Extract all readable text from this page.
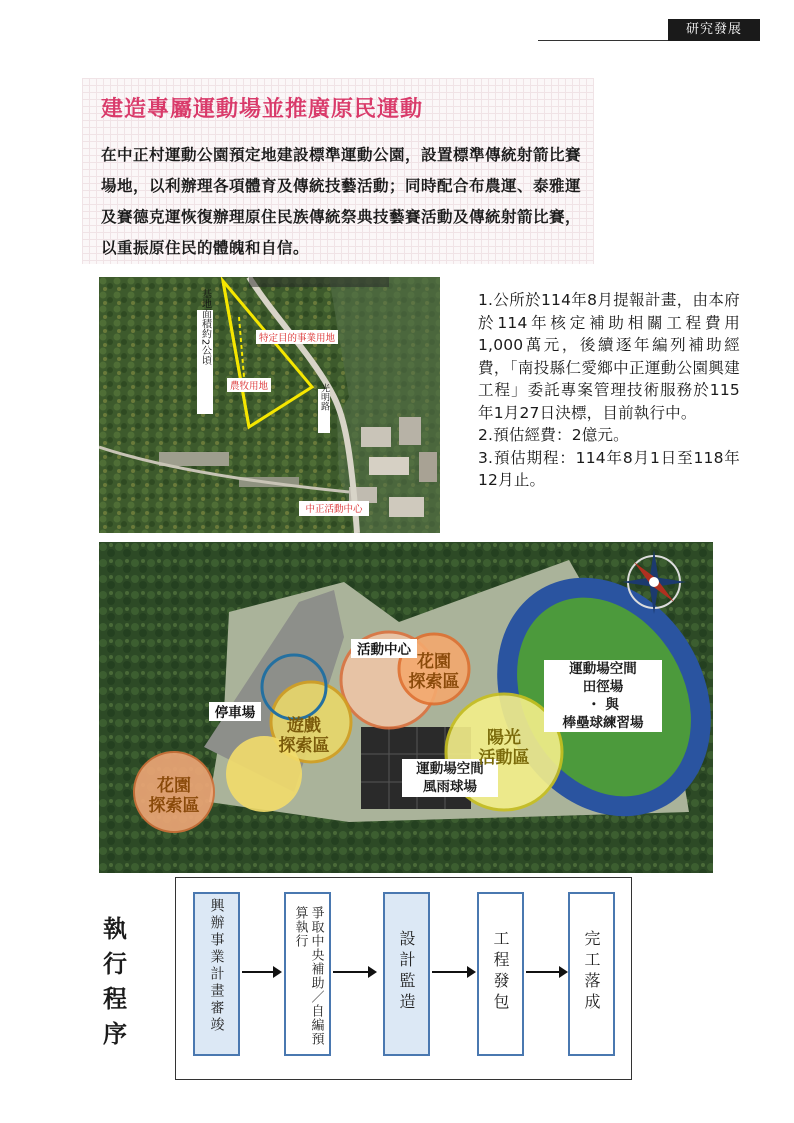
研究發展
建造專屬運動場並推廣原民運動
在中正村運動公園預定地建設標準運動公園，設置標準傳統射箭比賽場地，以利辦理各項體育及傳統技藝活動；同時配合布農運、泰雅運及賽德克運恢復辦理原住民族傳統祭典技藝賽活動及傳統射箭比賽，以重振原住民的體魄和自信。
基地面積約2公頃	特定目的事業用地
農牧用地	光明路
中正活動中心
1.公所於114年8月提報計畫，由本府於114年核定補助相關工程費用1,000萬元，後續逐年編列補助經費，「南投縣仁愛鄉中正運動公園興建工程」委託專案管理技術服務於115年1月27日決標，目前執行中。
2.預估經費：2億元。
3.預估期程：114年8月1日至118年12月止。
活動中心
停車場
運動場空間
風雨球場
運動場空間
田徑場
・ 與
棒壘球練習場
花園
探索區
遊戲
探索區	陽光
活動區
花園
探索區
執行程序	興辦事業計畫審竣	爭取中央補助／自編預算執行
設計監造	工程發包	完工落成
